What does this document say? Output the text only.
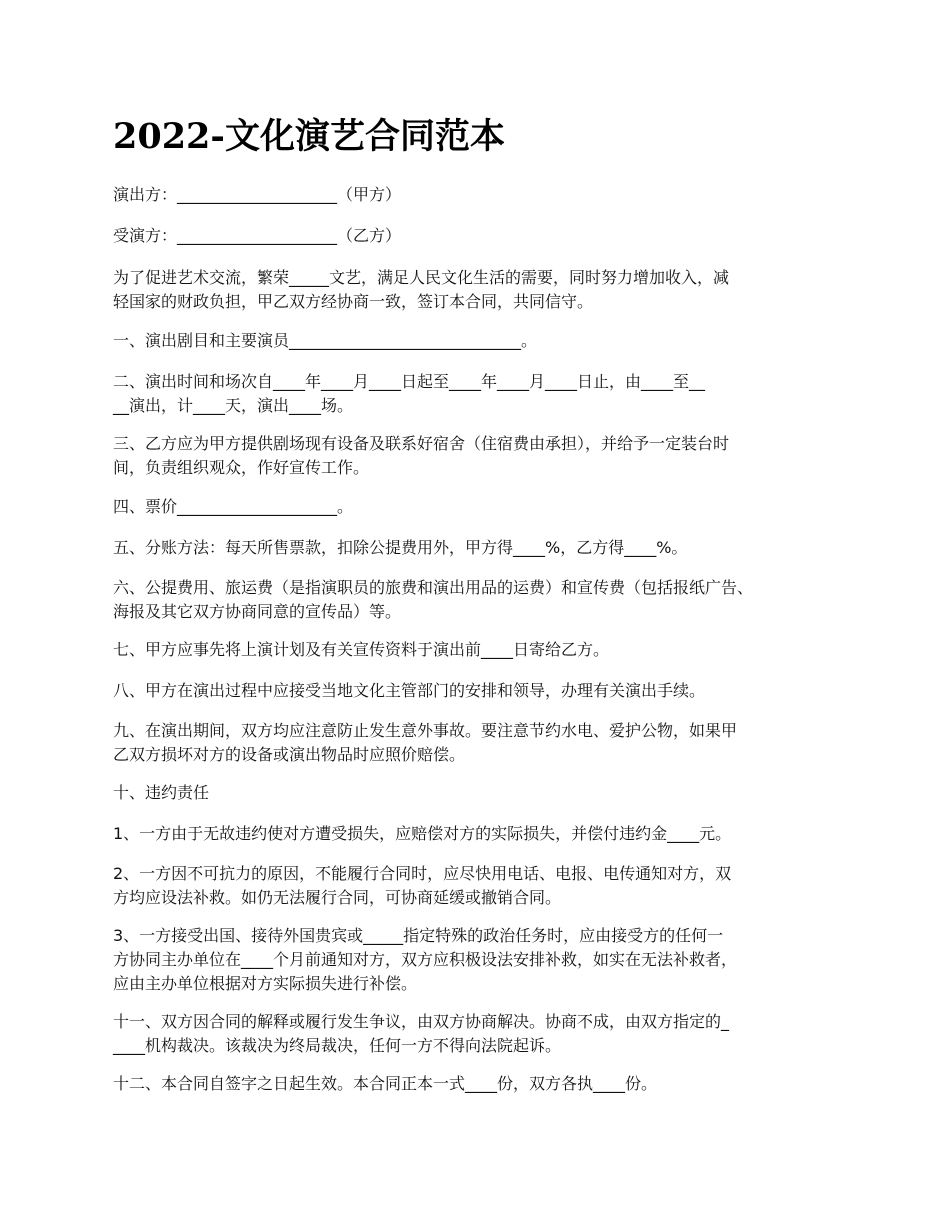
2022-文化演艺合同范本

演出方：____________________（甲方）

受演方：____________________（乙方）

为了促进艺术交流，繁荣_____文艺，满足人民文化生活的需要，同时努力增加收入，减
轻国家的财政负担，甲乙双方经协商一致，签订本合同，共同信守。

一、演出剧目和主要演员_____________________________。

二、演出时间和场次自____年____月____日起至____年____月____日止，由____至__
__演出，计____天，演出____场。

三、乙方应为甲方提供剧场现有设备及联系好宿舍（住宿费由承担），并给予一定装台时
间，负责组织观众，作好宣传工作。

四、票价____________________。

五、分账方法：每天所售票款，扣除公提费用外，甲方得____%，乙方得____%。

六、公提费用、旅运费（是指演职员的旅费和演出用品的运费）和宣传费（包括报纸广告、
海报及其它双方协商同意的宣传品）等。

七、甲方应事先将上演计划及有关宣传资料于演出前____日寄给乙方。

八、甲方在演出过程中应接受当地文化主管部门的安排和领导，办理有关演出手续。

九、在演出期间，双方均应注意防止发生意外事故。要注意节约水电、爱护公物，如果甲
乙双方损坏对方的设备或演出物品时应照价赔偿。

十、违约责任

1、一方由于无故违约使对方遭受损失，应赔偿对方的实际损失，并偿付违约金____元。

2、一方因不可抗力的原因，不能履行合同时，应尽快用电话、电报、电传通知对方，双
方均应设法补救。如仍无法履行合同，可协商延缓或撤销合同。

3、一方接受出国、接待外国贵宾或_____指定特殊的政治任务时，应由接受方的任何一
方协同主办单位在____个月前通知对方，双方应积极设法安排补救，如实在无法补救者，
应由主办单位根据对方实际损失进行补偿。

十一、双方因合同的解释或履行发生争议，由双方协商解决。协商不成，由双方指定的_
____机构裁决。该裁决为终局裁决，任何一方不得向法院起诉。

十二、本合同自签字之日起生效。本合同正本一式____份，双方各执____份。
